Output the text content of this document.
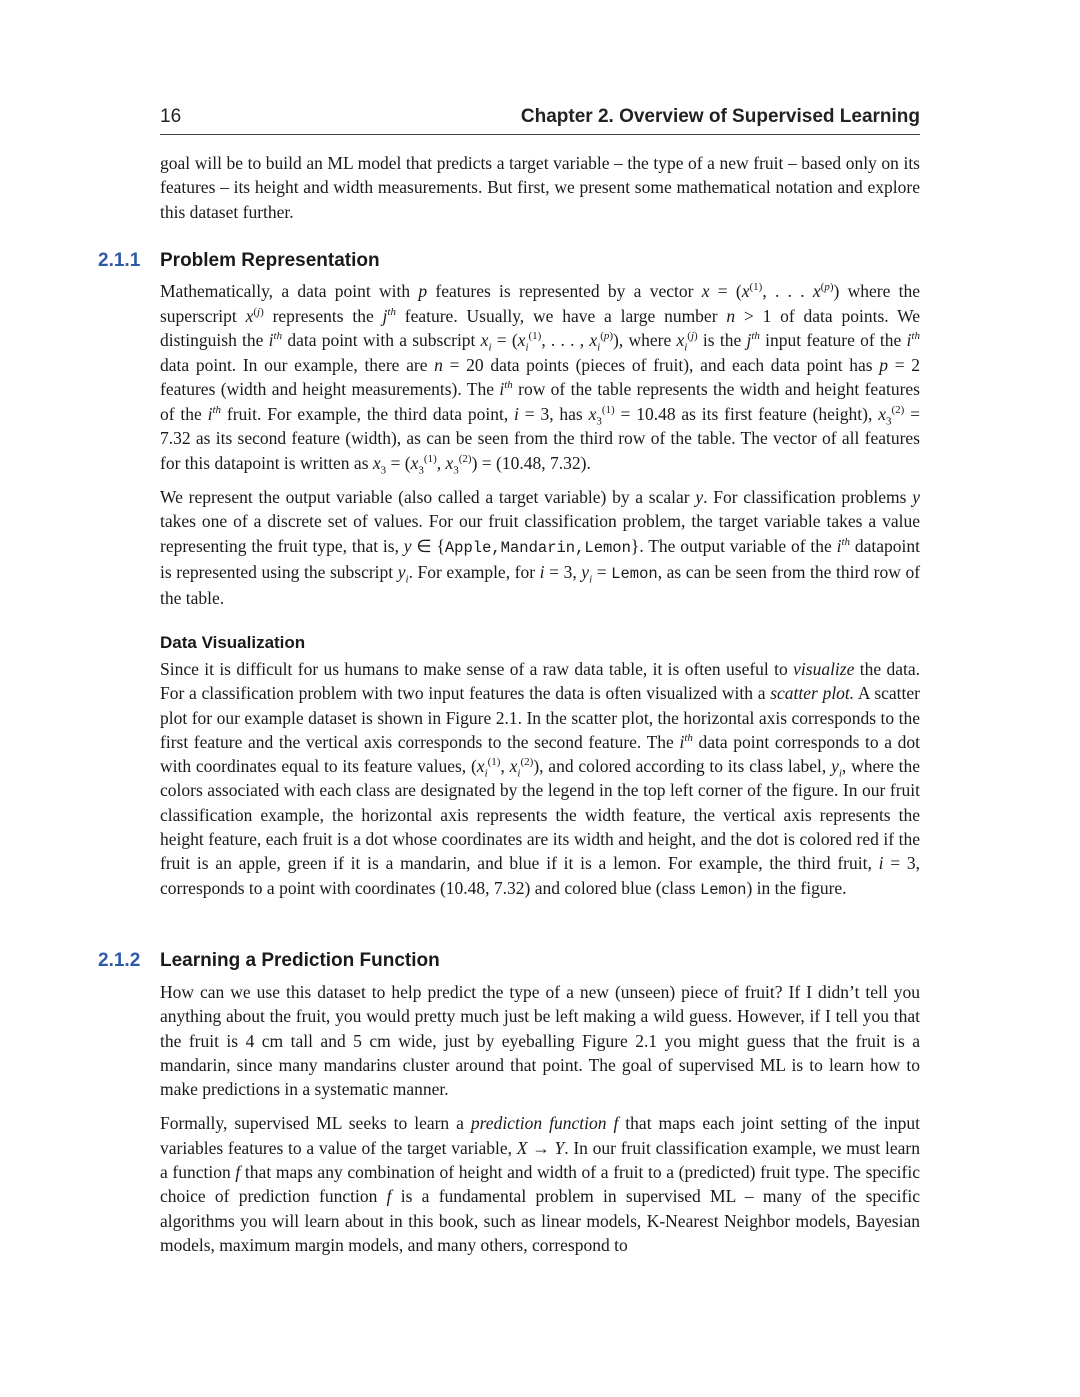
16	Chapter 2. Overview of Supervised Learning

goal will be to build an ML model that predicts a target variable – the type of a new fruit – based only on its features – its height and width measurements. But first, we present some mathematical notation and explore this dataset further.

2.1.1 Problem Representation

Mathematically, a data point with p features is represented by a vector $x = (x^{(1)}$, . . . $x^{(p)}$) where the superscript $x^{(j)}$ represents the $j^{th}$ feature. Usually, we have a large number n > 1 of data points. We distinguish the $i^{th}$ data point with a subscript $x_i = (x_i^{(1)}$, . . . , $x_i^{(p)}$), where $x_i^{(j)}$ is the $j^{th}$ input feature of the $i^{th}$ data point. In our example, there are n = 20 data points (pieces of fruit), and each data point has p = 2 features (width and height measurements). The $i^{th}$ row of the table represents the width and height features of the $i^{th}$ fruit. For example, the third data point, i = 3, has $x_3^{(1)} = 10.48$ as its first feature (height), $x_3^{(2)} = 7.32$ as its second feature (width), as can be seen from the third row of the table. The vector of all features for this datapoint is written as $x_3 = (x_3^{(1)}$, $x_3^{(2)}) = (10.48$, 7.32).

We represent the output variable (also called a target variable) by a scalar y. For classification problems y takes one of a discrete set of values. For our fruit classification problem, the target variable takes a value representing the fruit type, that is, y ∈ {Apple,Mandarin,Lemon}. The output variable of the $i^{th}$ datapoint is represented using the subscript $y_i$. For example, for i = 3, $y_i$ = Lemon, as can be seen from the third row of the table.

Data Visualization

Since it is difficult for us humans to make sense of a raw data table, it is often useful to visualize the data. For a classification problem with two input features the data is often visualized with a scatter plot. A scatter plot for our example dataset is shown in Figure 2.1. In the scatter plot, the horizontal axis corresponds to the first feature and the vertical axis corresponds to the second feature. The $i^{th}$ data point corresponds to a dot with coordinates equal to its feature values, ($x_i^{(1)}$, $x_i^{(2)}$), and colored according to its class label, $y_i$, where the colors associated with each class are designated by the legend in the top left corner of the figure. In our fruit classification example, the horizontal axis represents the width feature, the vertical axis represents the height feature, each fruit is a dot whose coordinates are its width and height, and the dot is colored red if the fruit is an apple, green if it is a mandarin, and blue if it is a lemon. For example, the third fruit, i = 3, corresponds to a point with coordinates (10.48, 7.32) and colored blue (class Lemon) in the figure.

2.1.2 Learning a Prediction Function

How can we use this dataset to help predict the type of a new (unseen) piece of fruit? If I didn’t tell you anything about the fruit, you would pretty much just be left making a wild guess. However, if I tell you that the fruit is 4 cm tall and 5 cm wide, just by eyeballing Figure 2.1 you might guess that the fruit is a mandarin, since many mandarins cluster around that point. The goal of supervised ML is to learn how to make predictions in a systematic manner.

Formally, supervised ML seeks to learn a prediction function f that maps each joint setting of the input variables features to a value of the target variable, X → Y. In our fruit classification example, we must learn a function f that maps any combination of height and width of a fruit to a (predicted) fruit type. The specific choice of prediction function f is a fundamental problem in supervised ML – many of the specific algorithms you will learn about in this book, such as linear models, K-Nearest Neighbor models, Bayesian models, maximum margin models, and many others, correspond to
